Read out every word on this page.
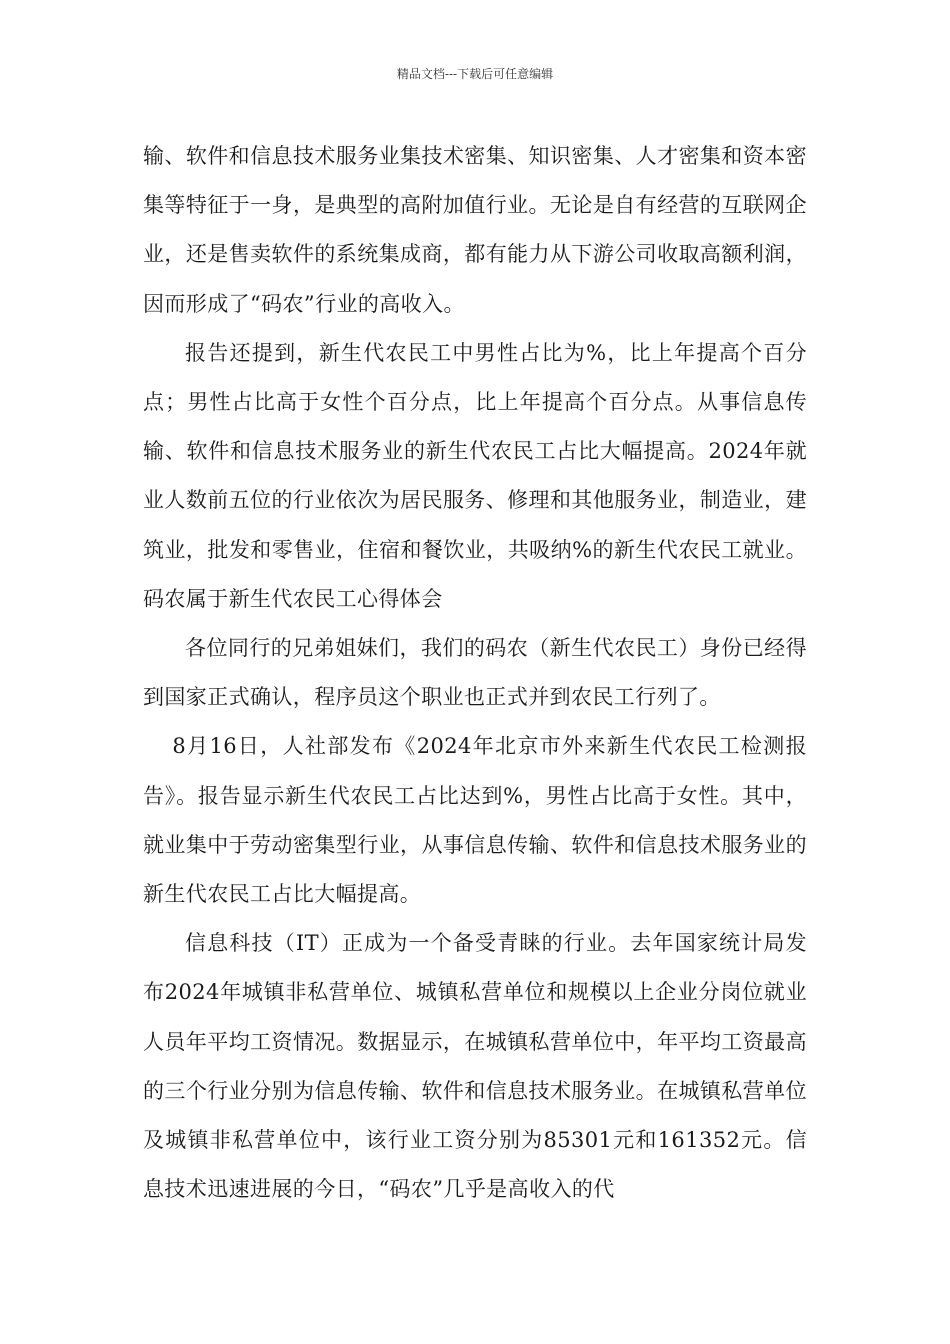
精品文档---下载后可任意编辑

输、软件和信息技术服务业集技术密集、知识密集、人才密集和资本密集等特征于一身，是典型的高附加值行业。无论是自有经营的互联网企业，还是售卖软件的系统集成商，都有能力从下游公司收取高额利润，因而形成了“码农”行业的高收入。

报告还提到，新生代农民工中男性占比为%，比上年提高个百分点；男性占比高于女性个百分点，比上年提高个百分点。从事信息传输、软件和信息技术服务业的新生代农民工占比大幅提高。2024年就业人数前五位的行业依次为居民服务、修理和其他服务业，制造业，建筑业，批发和零售业，住宿和餐饮业，共吸纳%的新生代农民工就业。码农属于新生代农民工心得体会

各位同行的兄弟姐妹们，我们的码农（新生代农民工）身份已经得到国家正式确认，程序员这个职业也正式并到农民工行列了。

8月16日，人社部发布《2024年北京市外来新生代农民工检测报告》。报告显示新生代农民工占比达到%，男性占比高于女性。其中，就业集中于劳动密集型行业，从事信息传输、软件和信息技术服务业的新生代农民工占比大幅提高。

信息科技（IT）正成为一个备受青睐的行业。去年国家统计局发布2024年城镇非私营单位、城镇私营单位和规模以上企业分岗位就业人员年平均工资情况。数据显示，在城镇私营单位中，年平均工资最高的三个行业分别为信息传输、软件和信息技术服务业。在城镇私营单位及城镇非私营单位中，该行业工资分别为85301元和161352元。信息技术迅速进展的今日，“码农”几乎是高收入的代
